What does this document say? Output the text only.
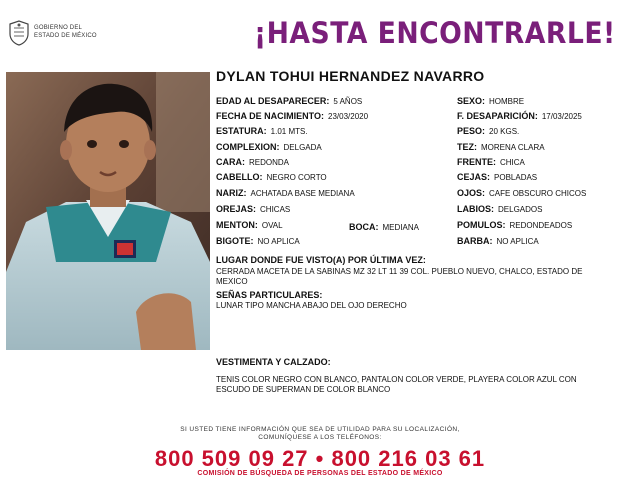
GOBIERNO DEL
ESTADO DE MÉXICO	¡HASTA ENCONTRARLE!
DYLAN TOHUI HERNANDEZ NAVARRO
EDAD AL DESAPARECER: 5 AÑOS
FECHA DE NACIMIENTO: 23/03/2020
ESTATURA: 1.01 MTS.
COMPLEXION: DELGADA
CARA: REDONDA
CABELLO: NEGRO CORTO
NARIZ: ACHATADA BASE MEDIANA
OREJAS: CHICAS
MENTON: OVAL	BOCA: MEDIANA
BIGOTE: NO APLICA
SEXO: HOMBRE
F. DESAPARICIÓN: 17/03/2025
PESO: 20 KGS.
TEZ: MORENA CLARA
FRENTE: CHICA
CEJAS: POBLADAS
OJOS: CAFE OBSCURO CHICOS
LABIOS: DELGADOS
POMULOS: REDONDEADOS
BARBA: NO APLICA
LUGAR DONDE FUE VISTO(A) POR ÚLTIMA VEZ:
CERRADA MACETA DE LA SABINAS MZ 32 LT 11 39 COL. PUEBLO NUEVO, CHALCO, ESTADO DE MEXICO
SEÑAS PARTICULARES:
LUNAR TIPO MANCHA ABAJO DEL OJO DERECHO
VESTIMENTA Y CALZADO:
TENIS COLOR NEGRO CON BLANCO, PANTALON COLOR VERDE, PLAYERA COLOR AZUL CON ESCUDO DE SUPERMAN DE COLOR BLANCO
SI USTED TIENE INFORMACIÓN QUE SEA DE UTILIDAD PARA SU LOCALIZACIÓN,
COMUNÍQUESE A LOS TELÉFONOS:
800 509 09 27 • 800 216 03 61
COMISIÓN DE BÚSQUEDA DE PERSONAS DEL ESTADO DE MÉXICO
